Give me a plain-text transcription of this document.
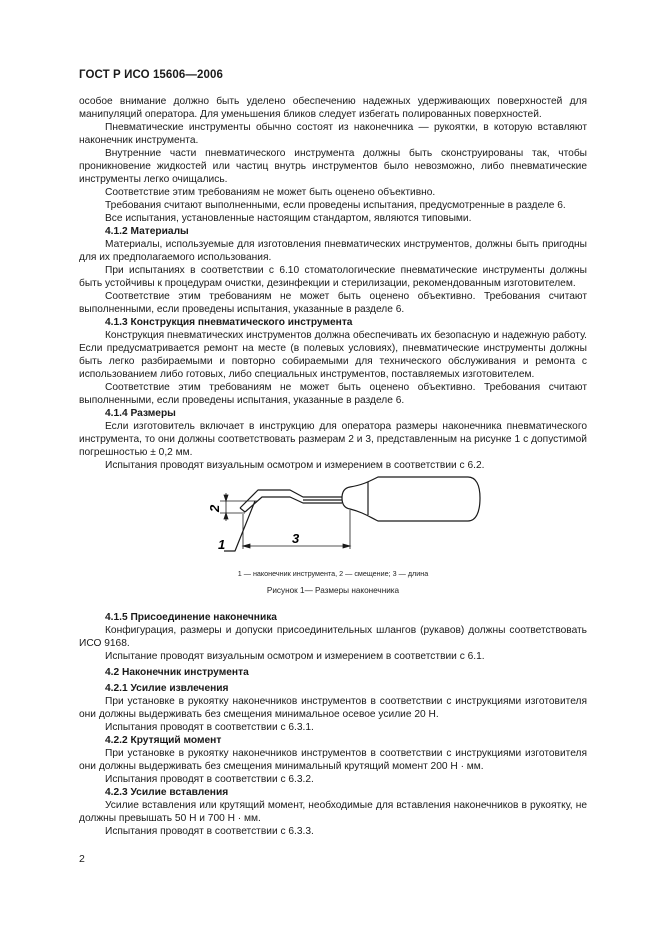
ГОСТ Р ИСО 15606—2006

особое внимание должно быть уделено обеспечению надежных удерживающих поверхностей для манипуляций оператора. Для уменьшения бликов следует избегать полированных поверхностей.

Пневматические инструменты обычно состоят из наконечника — рукоятки, в которую вставляют наконечник инструмента.

Внутренние части пневматического инструмента должны быть сконструированы так, чтобы проникновение жидкостей или частиц внутрь инструментов было невозможно, либо пневматические инструменты легко очищались.

Соответствие этим требованиям не может быть оценено объективно.

Требования считают выполненными, если проведены испытания, предусмотренные в разделе 6.

Все испытания, установленные настоящим стандартом, являются типовыми.

4.1.2 Материалы

Материалы, используемые для изготовления пневматических инструментов, должны быть пригодны для их предполагаемого использования.

При испытаниях в соответствии с 6.10 стоматологические пневматические инструменты должны быть устойчивы к процедурам очистки, дезинфекции и стерилизации, рекомендованным изготовителем.

Соответствие этим требованиям не может быть оценено объективно. Требования считают выполненными, если проведены испытания, указанные в разделе 6.

4.1.3 Конструкция пневматического инструмента

Конструкция пневматических инструментов должна обеспечивать их безопасную и надежную работу. Если предусматривается ремонт на месте (в полевых условиях), пневматические инструменты должны быть легко разбираемыми и повторно собираемыми для технического обслуживания и ремонта с использованием либо готовых, либо специальных инструментов, поставляемых изготовителем.

Соответствие этим требованиям не может быть оценено объективно. Требования считают выполненными, если проведены испытания, указанные в разделе 6.

4.1.4 Размеры

Если изготовитель включает в инструкцию для оператора размеры наконечника пневматического инструмента, то они должны соответствовать размерам 2 и 3, представленным на рисунке 1 с допустимой погрешностью ± 0,2 мм.

Испытания проводят визуальным осмотром и измерением в соответствии с 6.2.

2
3
1
1 — наконечник инструмента, 2 — смещение; 3 — длина
Рисунок 1— Размеры наконечника

4.1.5 Присоединение наконечника

Конфигурация, размеры и допуски присоединительных шлангов (рукавов) должны соответствовать ИСО 9168.

Испытание проводят визуальным осмотром и измерением в соответствии с 6.1.

4.2 Наконечник инструмента

4.2.1 Усилие извлечения

При установке в рукоятку наконечников инструментов в соответствии с инструкциями изготовителя они должны выдерживать без смещения минимальное осевое усилие 20 Н.

Испытания проводят в соответствии с 6.3.1.

4.2.2 Крутящий момент

При установке в рукоятку наконечников инструментов в соответствии с инструкциями изготовителя они должны выдерживать без смещения минимальный крутящий момент 200 Н · мм.

Испытания проводят в соответствии с 6.3.2.

4.2.3 Усилие вставления

Усилие вставления или крутящий момент, необходимые для вставления наконечников в рукоятку, не должны превышать 50 Н и 700 Н · мм.

Испытания проводят в соответствии с 6.3.3.

2
